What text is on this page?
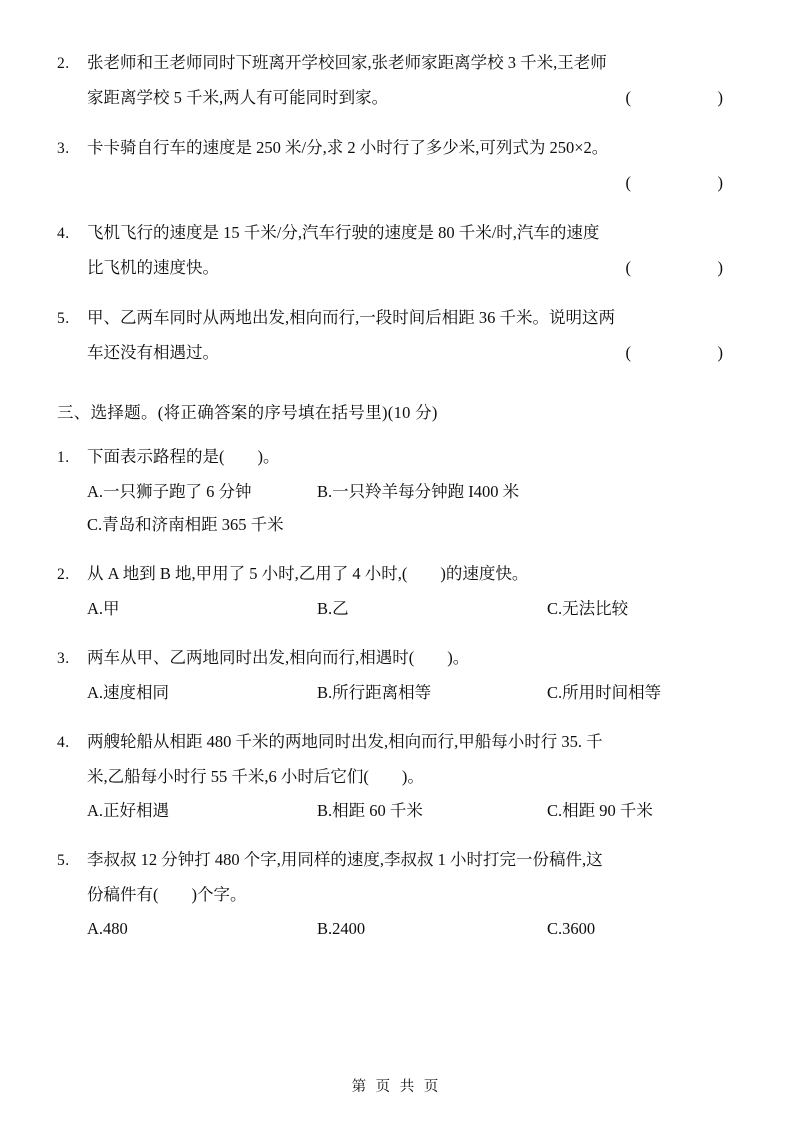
2.	张老师和王老师同时下班离开学校回家,张老师家距离学校 3 千米,王老师
家距离学校 5 千米,两人有可能同时到家。	(    )
3.	卡卡骑自行车的速度是 250 米/分,求 2 小时行了多少米,可列式为 250×2。
(    )
4.	飞机飞行的速度是 15 千米/分,汽车行驶的速度是 80 千米/时,汽车的速度
比飞机的速度快。	(    )
5.	甲、乙两车同时从两地出发,相向而行,一段时间后相距 36 千米。说明这两
车还没有相遇过。	(    )
三、选择题。(将正确答案的序号填在括号里)(10 分)
1.	下面表示路程的是(        )。
A.一只狮子跑了 6 分钟	B.一只羚羊每分钟跑 I400 米
C.青岛和济南相距 365 千米
2.	从 A 地到 B 地,甲用了 5 小时,乙用了 4 小时,(        )的速度快。
A.甲	B.乙	C.无法比较
3.	两车从甲、乙两地同时出发,相向而行,相遇时(        )。
A.速度相同	B.所行距离相等	C.所用时间相等
4.	两艘轮船从相距 480 千米的两地同时出发,相向而行,甲船每小时行 35. 千
米,乙船每小时行 55 千米,6 小时后它们(        )。
A.正好相遇	B.相距 60 千米	C.相距 90 千米
5.	李叔叔 12 分钟打 480 个字,用同样的速度,李叔叔 1 小时打完一份稿件,这
份稿件有(        )个字。
A.480	B.2400	C.3600
第 页 共 页
